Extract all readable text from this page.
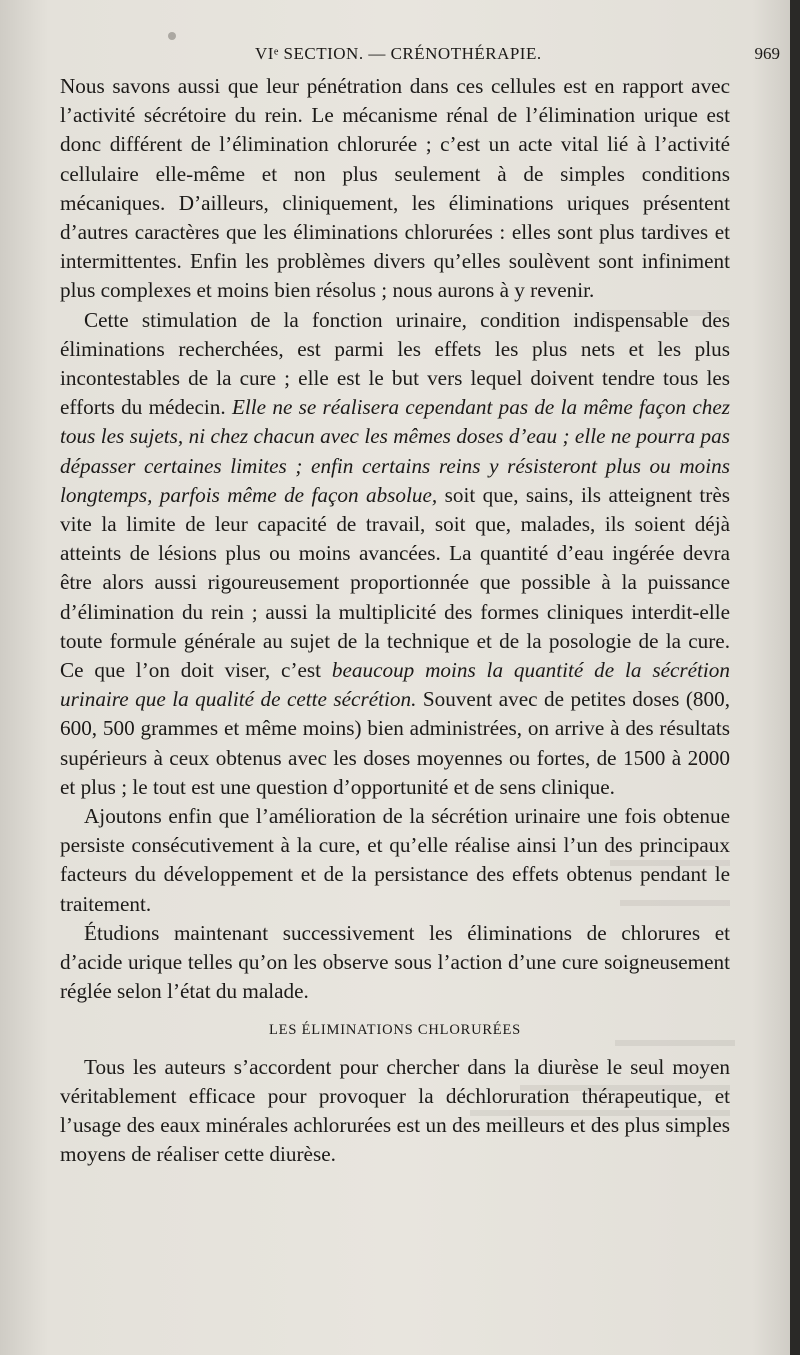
VIᵉ SECTION. — CRÉNOTHÉRAPIE.	969

Nous savons aussi que leur pénétration dans ces cellules est en rapport avec l’activité sécrétoire du rein. Le mécanisme rénal de l’élimination urique est donc différent de l’élimination chlorurée ; c’est un acte vital lié à l’activité cellulaire elle-même et non plus seulement à de simples conditions mécaniques. D’ailleurs, cliniquement, les éliminations uriques présentent d’autres caractères que les éliminations chlorurées : elles sont plus tardives et intermittentes. Enfin les problèmes divers qu’elles soulèvent sont infiniment plus complexes et moins bien résolus ; nous aurons à y revenir.

Cette stimulation de la fonction urinaire, condition indispensable des éliminations recherchées, est parmi les effets les plus nets et les plus incontestables de la cure ; elle est le but vers lequel doivent tendre tous les efforts du médecin. Elle ne se réalisera cependant pas de la même façon chez tous les sujets, ni chez chacun avec les mêmes doses d’eau ; elle ne pourra pas dépasser certaines limites ; enfin certains reins y résisteront plus ou moins longtemps, parfois même de façon absolue, soit que, sains, ils atteignent très vite la limite de leur capacité de travail, soit que, malades, ils soient déjà atteints de lésions plus ou moins avancées. La quantité d’eau ingérée devra être alors aussi rigoureusement proportionnée que possible à la puissance d’élimination du rein ; aussi la multiplicité des formes cliniques interdit-elle toute formule générale au sujet de la technique et de la posologie de la cure. Ce que l’on doit viser, c’est beaucoup moins la quantité de la sécrétion urinaire que la qualité de cette sécrétion. Souvent avec de petites doses (800, 600, 500 grammes et même moins) bien administrées, on arrive à des résultats supérieurs à ceux obtenus avec les doses moyennes ou fortes, de 1500 à 2000 et plus ; le tout est une question d’opportunité et de sens clinique.

Ajoutons enfin que l’amélioration de la sécrétion urinaire une fois obtenue persiste consécutivement à la cure, et qu’elle réalise ainsi l’un des principaux facteurs du développement et de la persistance des effets obtenus pendant le traitement.

Étudions maintenant successivement les éliminations de chlorures et d’acide urique telles qu’on les observe sous l’action d’une cure soigneusement réglée selon l’état du malade.

LES ÉLIMINATIONS CHLORURÉES

Tous les auteurs s’accordent pour chercher dans la diurèse le seul moyen véritablement efficace pour provoquer la déchloruration thérapeutique, et l’usage des eaux minérales achlorurées est un des meilleurs et des plus simples moyens de réaliser cette diurèse.
